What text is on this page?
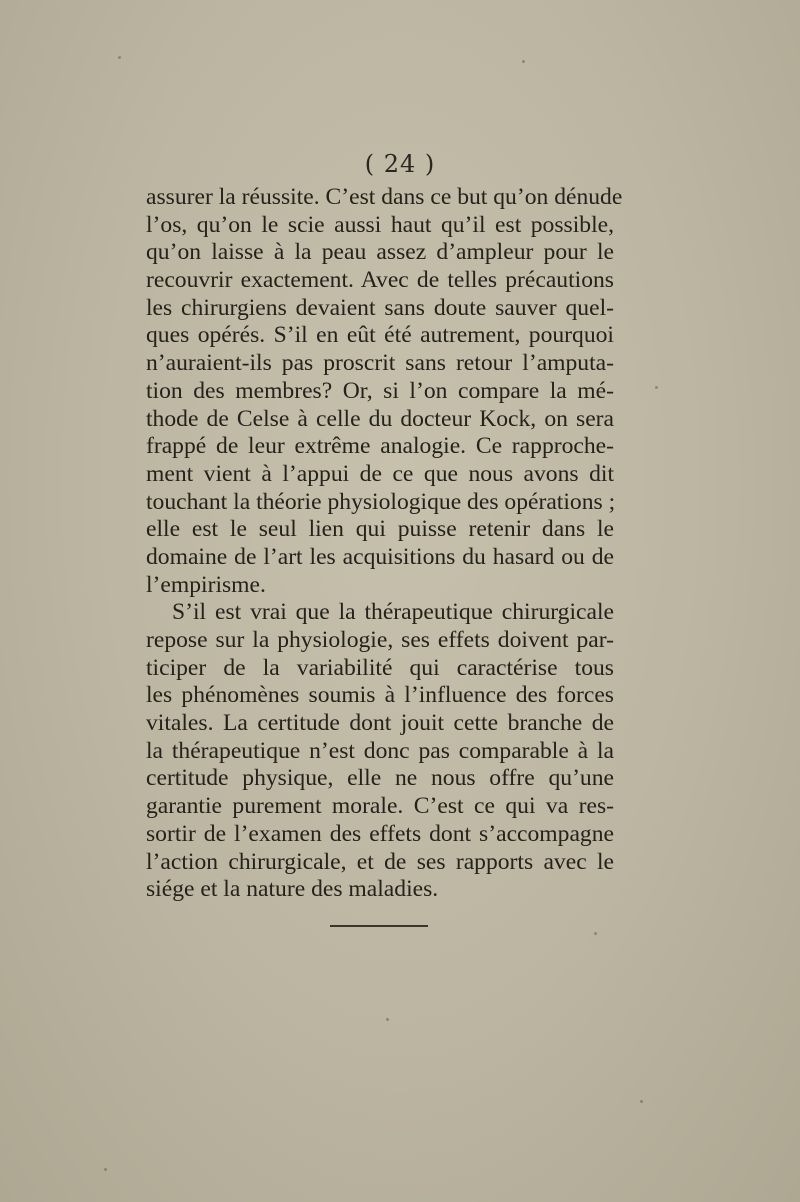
( 24 )
assurer la réussite. C’est dans ce but qu’on dénude
l’os, qu’on le scie aussi haut qu’il est possible,
qu’on laisse à la peau assez d’ampleur pour le
recouvrir exactement. Avec de telles précautions
les chirurgiens devaient sans doute sauver quel-
ques opérés. S’il en eût été autrement, pourquoi
n’auraient-ils pas proscrit sans retour l’amputa-
tion des membres? Or, si l’on compare la mé-
thode de Celse à celle du docteur Kock, on sera
frappé de leur extrême analogie. Ce rapproche-
ment vient à l’appui de ce que nous avons dit
touchant la théorie physiologique des opérations ;
elle est le seul lien qui puisse retenir dans le
domaine de l’art les acquisitions du hasard ou de
l’empirisme.
S’il est vrai que la thérapeutique chirurgicale
repose sur la physiologie, ses effets doivent par-
ticiper de la variabilité qui caractérise tous
les phénomènes soumis à l’influence des forces
vitales. La certitude dont jouit cette branche de
la thérapeutique n’est donc pas comparable à la
certitude physique, elle ne nous offre qu’une
garantie purement morale. C’est ce qui va res-
sortir de l’examen des effets dont s’accompagne
l’action chirurgicale, et de ses rapports avec le
siége et la nature des maladies.
